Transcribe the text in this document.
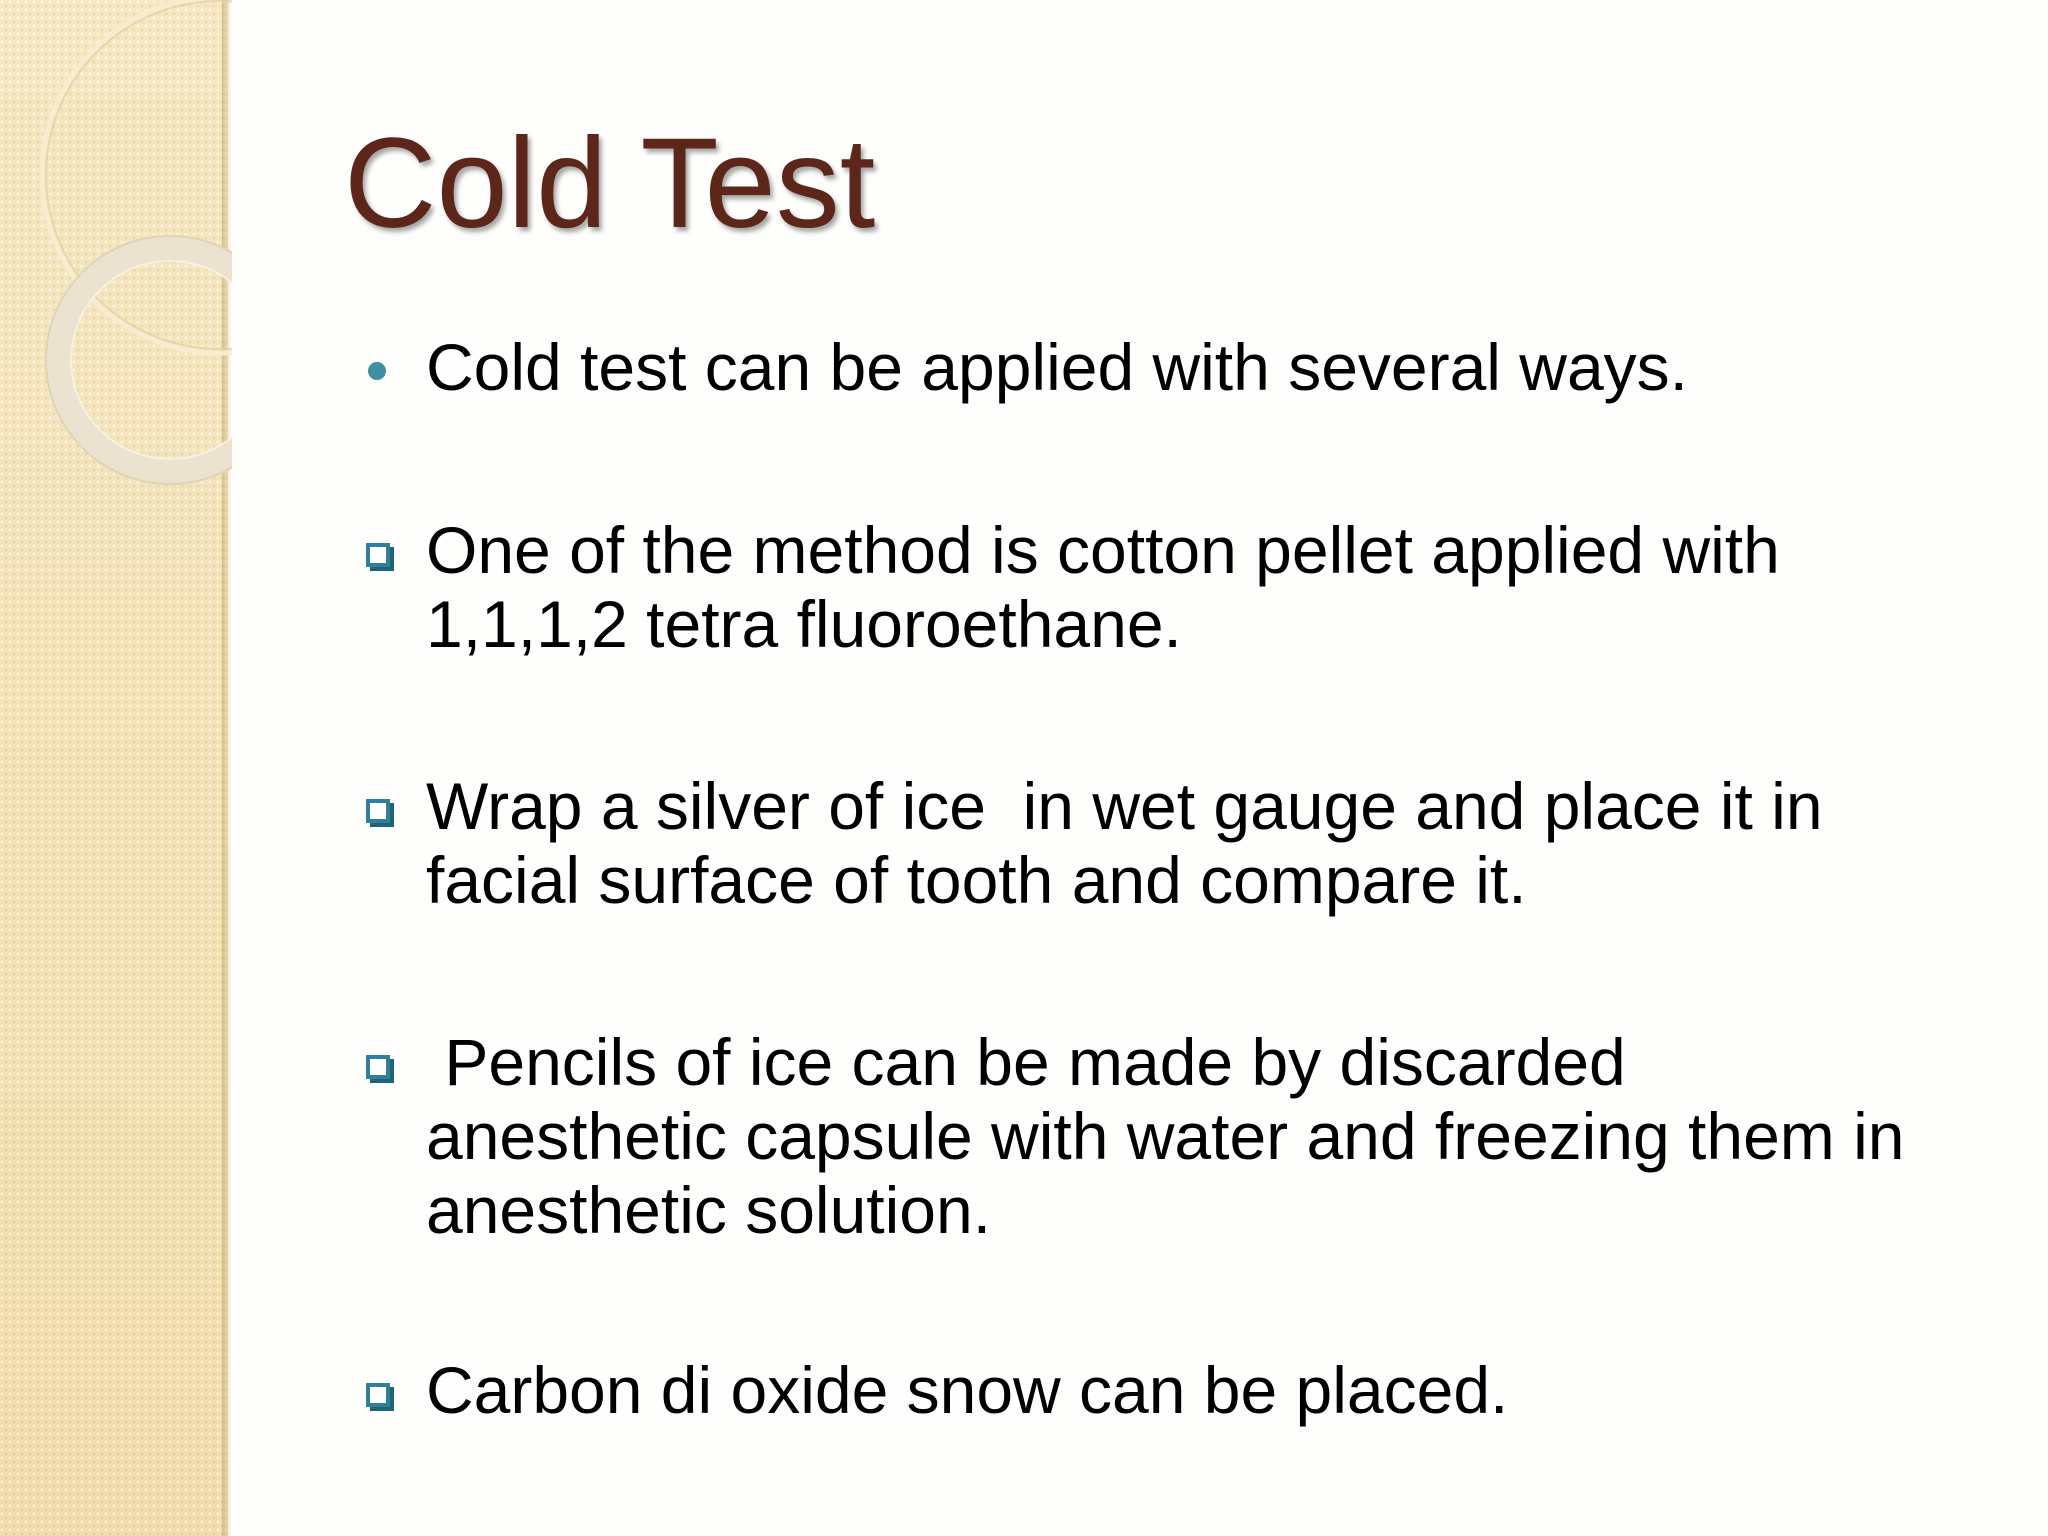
Cold Test
Cold test can be applied with several ways.
One of the method is cotton pellet applied with
1,1,1,2 tetra fluoroethane.
Wrap a silver of ice  in wet gauge and place it in
facial surface of tooth and compare it.
Pencils of ice can be made by discarded
anesthetic capsule with water and freezing them in
anesthetic solution.
Carbon di oxide snow can be placed.
